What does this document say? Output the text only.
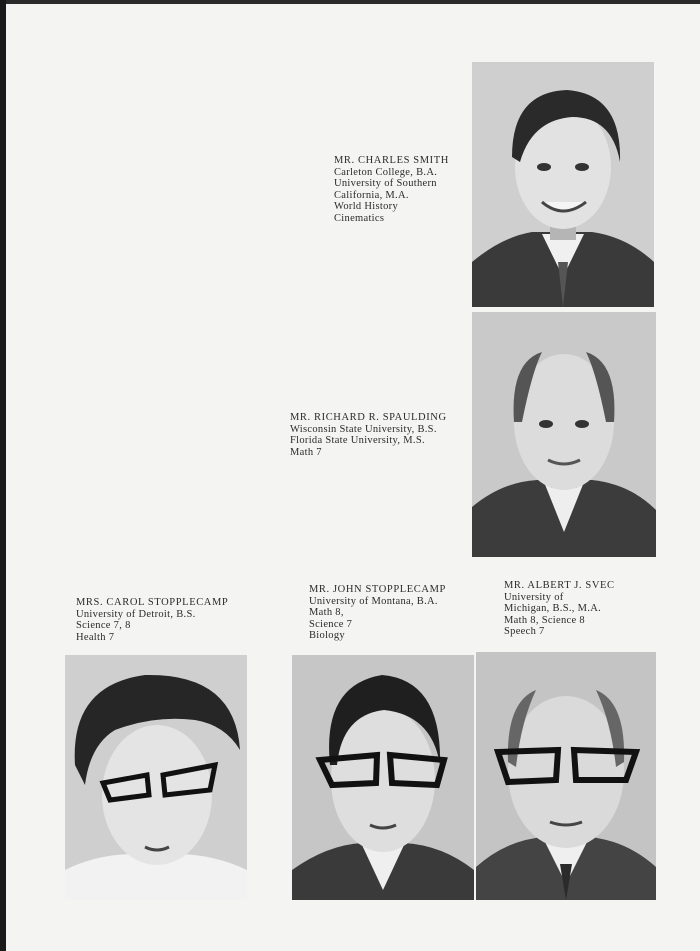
MR. CHARLES SMITH
Carleton College, B.A.
University of Southern
California, M.A.
World History
Cinematics
MR. RICHARD R. SPAULDING
Wisconsin State University, B.S.
Florida State University, M.S.
Math 7
MRS. CAROL STOPPLECAMP
University of Detroit, B.S.
Science 7, 8
Health 7
MR. JOHN STOPPLECAMP
University of Montana, B.A.
Math 8,
Science 7
Biology
MR. ALBERT J. SVEC
University of
Michigan, B.S., M.A.
Math 8, Science 8
Speech 7
